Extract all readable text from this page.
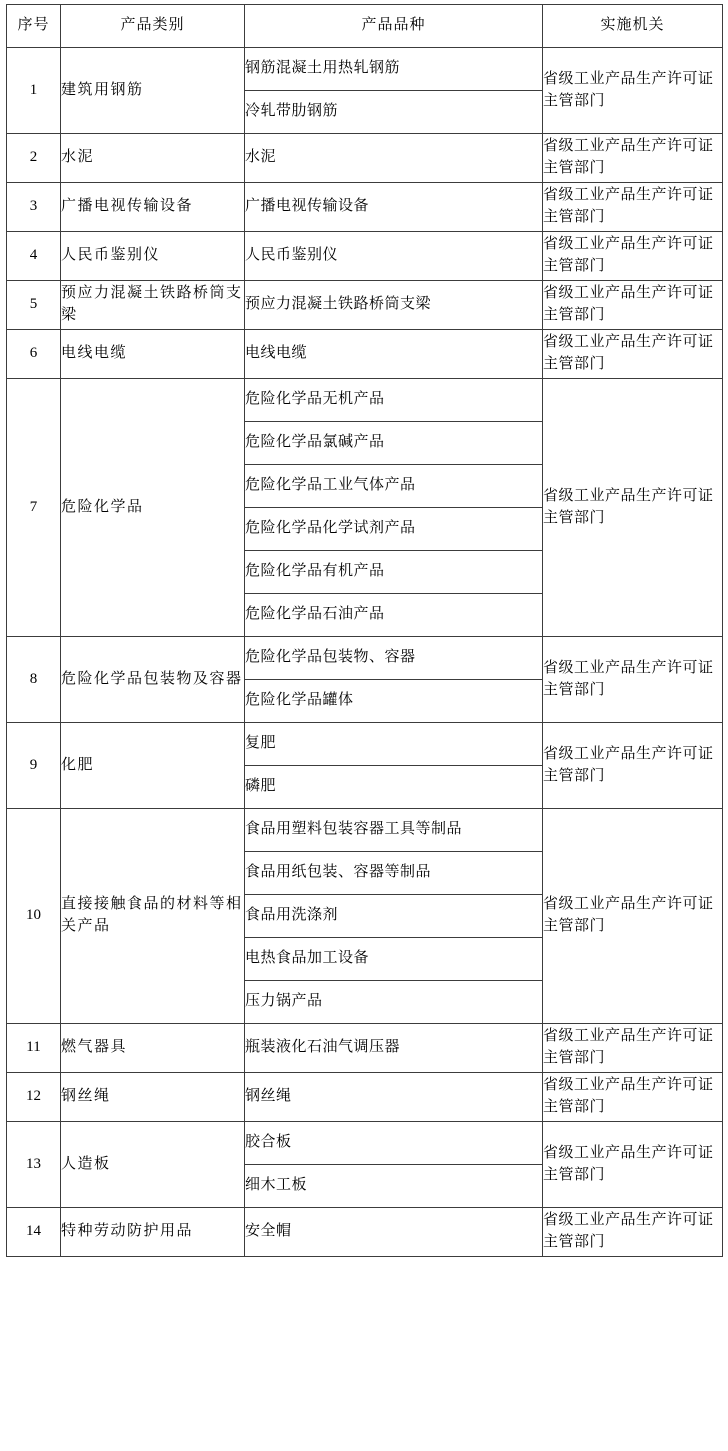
序号	产品类别	产品品种	实施机关
1	建筑用钢筋	钢筋混凝土用热轧钢筋	省级工业产品生产许可证主管部门
		冷轧带肋钢筋	
2	水泥	水泥	省级工业产品生产许可证主管部门
3	广播电视传输设备	广播电视传输设备	省级工业产品生产许可证主管部门
4	人民币鉴别仪	人民币鉴别仪	省级工业产品生产许可证主管部门
5	预应力混凝土铁路桥筒支梁	预应力混凝土铁路桥筒支梁	省级工业产品生产许可证主管部门
6	电线电缆	电线电缆	省级工业产品生产许可证主管部门
7	危险化学品	危险化学品无机产品	省级工业产品生产许可证主管部门
		危险化学品氯碱产品	
		危险化学品工业气体产品	
		危险化学品化学试剂产品	
		危险化学品有机产品	
		危险化学品石油产品	
8	危险化学品包装物及容器	危险化学品包装物、容器	省级工业产品生产许可证主管部门
		危险化学品罐体	
9	化肥	复肥	省级工业产品生产许可证主管部门
		磷肥	
10	直接接触食品的材料等相关产品	食品用塑料包装容器工具等制品	省级工业产品生产许可证主管部门
		食品用纸包装、容器等制品	
		食品用洗涤剂	
		电热食品加工设备	
		压力锅产品	
11	燃气器具	瓶装液化石油气调压器	省级工业产品生产许可证主管部门
12	钢丝绳	钢丝绳	省级工业产品生产许可证主管部门
13	人造板	胶合板	省级工业产品生产许可证主管部门
		细木工板	
14	特种劳动防护用品	安全帽	省级工业产品生产许可证主管部门
